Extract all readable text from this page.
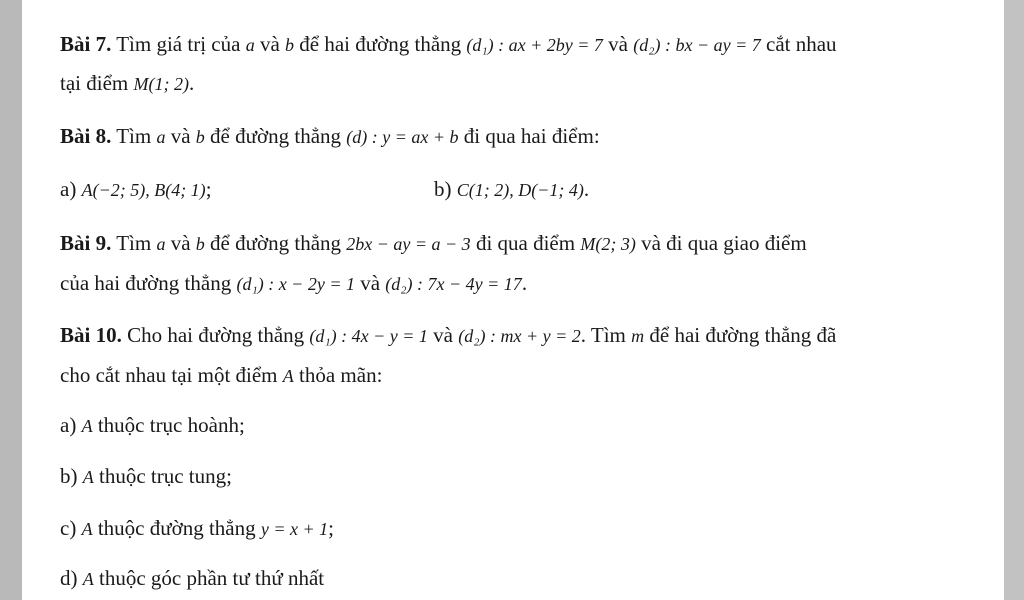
Bài 7. Tìm giá trị của a và b để hai đường thẳng (d₁) : ax + 2by = 7 và (d₂) : bx − ay = 7 cắt nhau
tại điểm M(1; 2).
Bài 8. Tìm a và b để đường thẳng (d) : y = ax + b đi qua hai điểm:
a) A(−2; 5), B(4; 1);	b) C(1; 2), D(−1; 4).
Bài 9. Tìm a và b để đường thẳng 2bx − ay = a − 3 đi qua điểm M(2; 3) và đi qua giao điểm
của hai đường thẳng (d₁) : x − 2y = 1 và (d₂) : 7x − 4y = 17.
Bài 10. Cho hai đường thẳng (d₁) : 4x − y = 1 và (d₂) : mx + y = 2. Tìm m để hai đường thẳng đã
cho cắt nhau tại một điểm A thỏa mãn:
a) A thuộc trục hoành;
b) A thuộc trục tung;
c) A thuộc đường thẳng y = x + 1;
d) A thuộc góc phần tư thứ nhất
